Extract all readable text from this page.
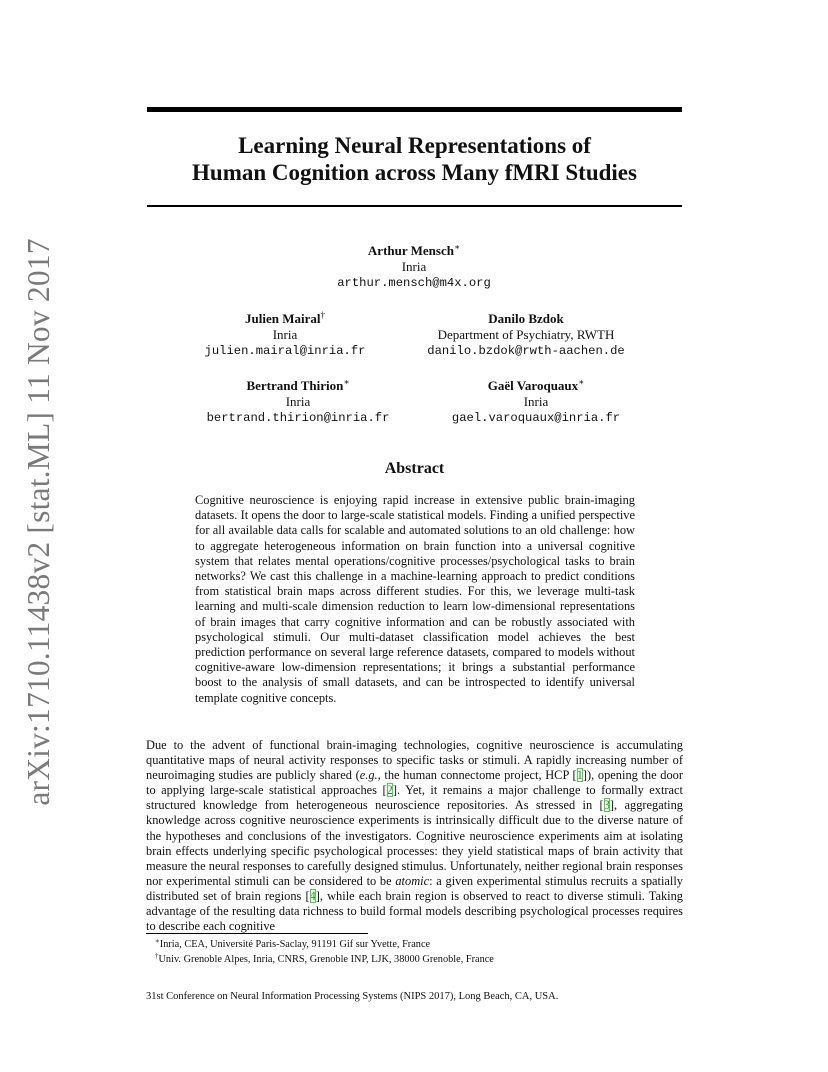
arXiv:1710.11438v2 [stat.ML] 11 Nov 2017
Learning Neural Representations of
Human Cognition across Many fMRI Studies
Arthur Mensch∗
Inria
arthur.mensch@m4x.org
Julien Mairal†
Inria
julien.mairal@inria.fr
Danilo Bzdok
Department of Psychiatry, RWTH
danilo.bzdok@rwth-aachen.de
Bertrand Thirion∗
Inria
bertrand.thirion@inria.fr
Gaël Varoquaux∗
Inria
gael.varoquaux@inria.fr
Abstract

Cognitive neuroscience is enjoying rapid increase in extensive public brain-imaging datasets. It opens the door to large-scale statistical models. Finding a unified perspective for all available data calls for scalable and automated solutions to an old challenge: how to aggregate heterogeneous information on brain function into a universal cognitive system that relates mental operations/cognitive processes/psychological tasks to brain networks? We cast this challenge in a machine-learning approach to predict conditions from statistical brain maps across different studies. For this, we leverage multi-task learning and multi-scale dimension reduction to learn low-dimensional representations of brain images that carry cognitive information and can be robustly associated with psychological stimuli. Our multi-dataset classification model achieves the best prediction performance on several large reference datasets, compared to models without cognitive-aware low-dimension representations; it brings a substantial performance boost to the analysis of small datasets, and can be introspected to identify universal template cognitive concepts.

Due to the advent of functional brain-imaging technologies, cognitive neuroscience is accumulating quantitative maps of neural activity responses to specific tasks or stimuli. A rapidly increasing number of neuroimaging studies are publicly shared (e.g., the human connectome project, HCP [ 1 ] ), opening the door to applying large-scale statistical approaches [ 2 ] . Yet, it remains a major challenge to formally extract structured knowledge from heterogeneous neuroscience repositories. As stressed in [ 3 ] , aggregating knowledge across cognitive neuroscience experiments is intrinsically difficult due to the diverse nature of the hypotheses and conclusions of the investigators. Cognitive neuroscience experiments aim at isolating brain effects underlying specific psychological processes: they yield statistical maps of brain activity that measure the neural responses to carefully designed stimulus. Unfortunately, neither regional brain responses nor experimental stimuli can be considered to be atomic: a given experimental stimulus recruits a spatially distributed set of brain regions [ 4 ] , while each brain region is observed to react to diverse stimuli. Taking advantage of the resulting data richness to build formal models describing psychological processes requires to describe each cognitive

∗Inria, CEA, Université Paris-Saclay, 91191 Gif sur Yvette, France

†Univ. Grenoble Alpes, Inria, CNRS, Grenoble INP, LJK, 38000 Grenoble, France

31st Conference on Neural Information Processing Systems (NIPS 2017), Long Beach, CA, USA.
